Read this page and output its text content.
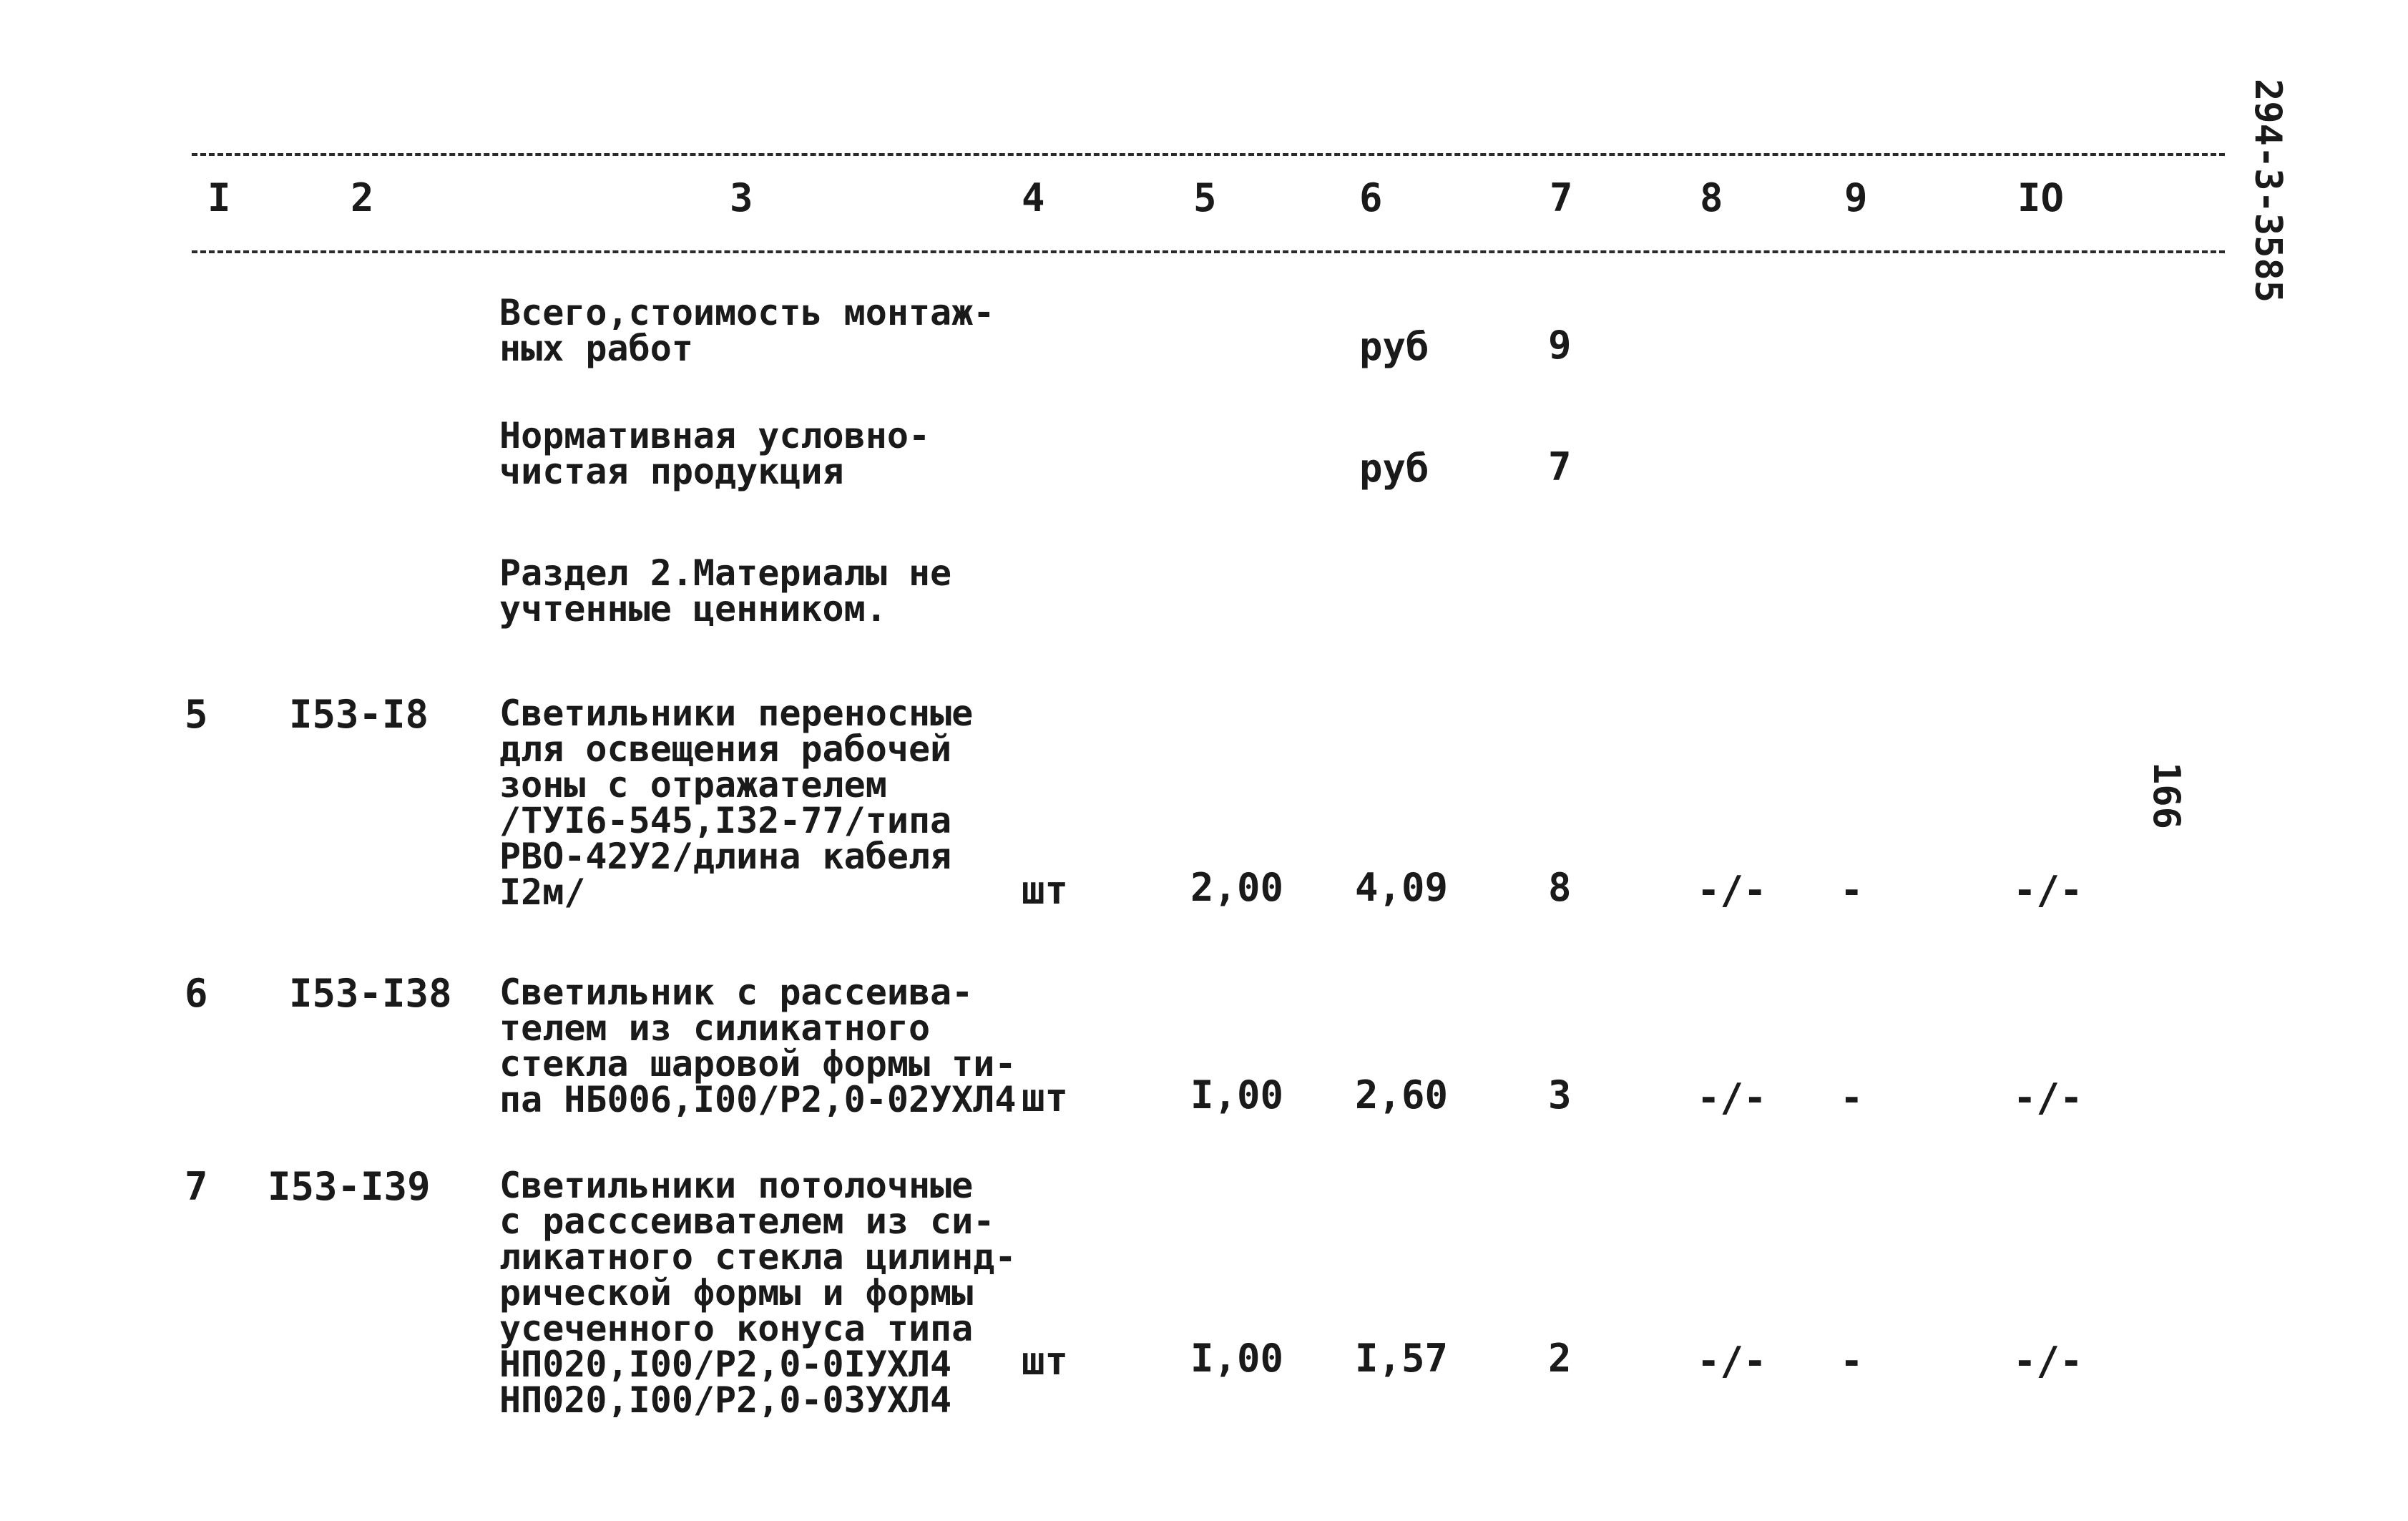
294-3-3585
166
I	2	3	4	5	6	7	8	9	IO
Всего,стоимость монтаж-
ных работ	руб	9
Нормативная условно-
чистая продукция	руб	7
Раздел 2.Материалы не
учтенные ценником.
5 I53-I8 Светильники переносные
для освещения рабочей
зоны с отражателем
/ТУI6-545,I32-77/типа
РВО-42У2/длина кабеля
I2м/	шт	2,00 4,09	8	-/- -	-/-
6 I53-I38 Светильник с рассеива-
телем из силикатного
стекла шаровой формы ти-
па НБ006,I00/Р2,0-02УХЛ4 шт	I,00 2,60	3	-/- -	-/-
7 I53-I39 Светильники потолочные
с расссеивателем из си-
ликатного стекла цилинд-
рической формы и формы
усеченного конуса типа
НП020,I00/Р2,0-0IУХЛ4
НП020,I00/Р2,0-03УХЛ4
шт	I,00 I,57	2	-/- -	-/-
